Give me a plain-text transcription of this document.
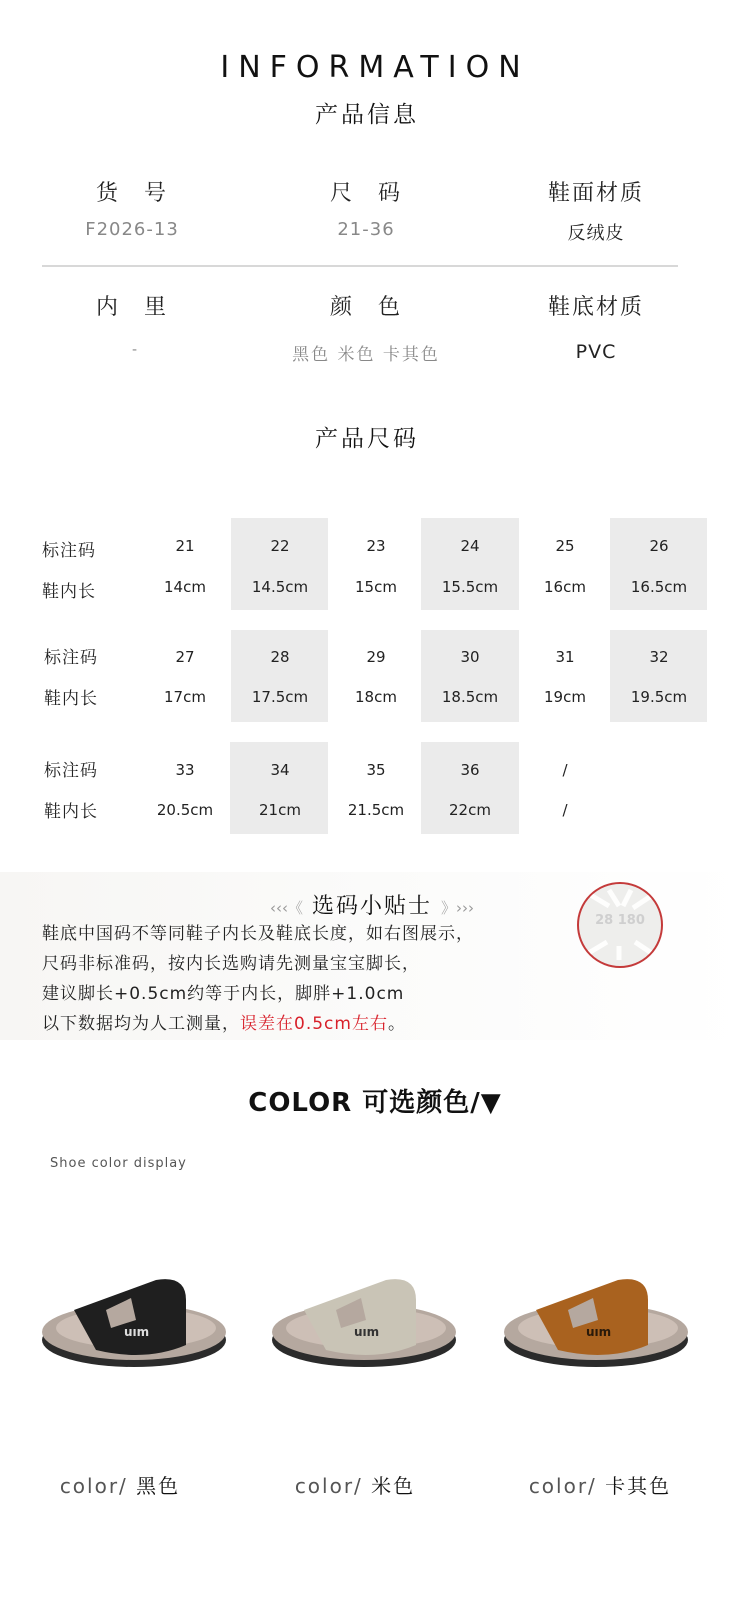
INFORMATION
产品信息
货　号
F2026-13
尺　码
21-36
鞋面材质
反绒皮
内　里
-
颜　色
黑色 米色 卡其色
鞋底材质
PVC
产品尺码
标注码
鞋内长
21	22	23	24	25	26
14cm	14.5cm	15cm	15.5cm	16cm	16.5cm
标注码
鞋内长
27	28	29	30	31	32
17cm	17.5cm	18cm	18.5cm	19cm	19.5cm
标注码
鞋内长
33	34	35	36	/
20.5cm	21cm	21.5cm	22cm	/
‹‹‹《 选码小贴士 》›››
鞋底中国码不等同鞋子内长及鞋底长度，如右图展示，
尺码非标准码，按内长选购请先测量宝宝脚长，
建议脚长+0.5cm约等于内长，脚胖+1.0cm
以下数据均为人工测量，误差在0.5cm左右。
28 180
COLOR 可选颜色/▼
Shoe color display
uım	uım	uım
color/ 黑色	color/ 米色	color/ 卡其色
